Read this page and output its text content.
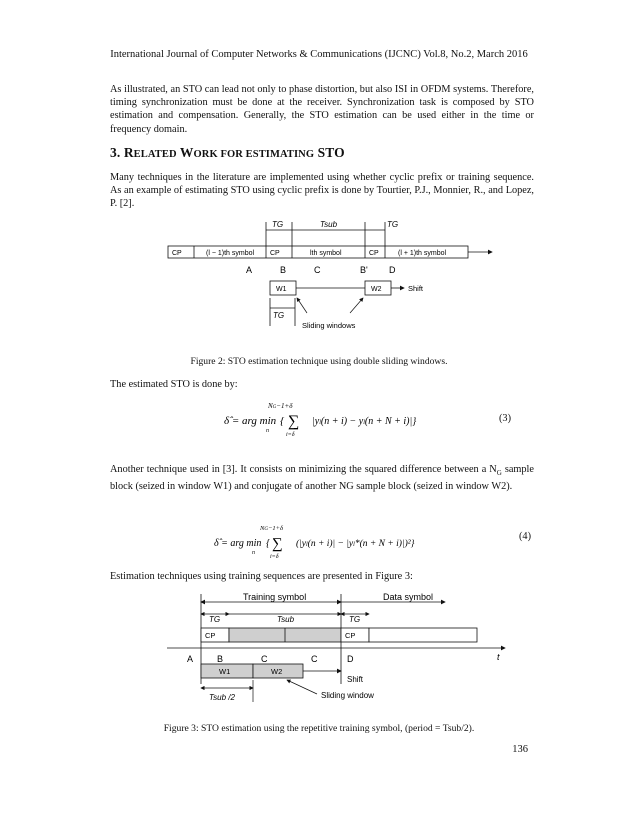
International Journal of Computer Networks & Communications (IJCNC) Vol.8, No.2, March 2016
As illustrated, an STO can lead not only to phase distortion, but also ISI in OFDM systems. Therefore, timing synchronization must be done at the receiver. Synchronization task is composed by STO estimation and compensation. Generally, the STO estimation can be used either in the time or frequency domain.
3. RELATED WORK FOR ESTIMATING STO
Many techniques in the literature are implemented using whether cyclic prefix or training sequence. As an example of estimating STO using cyclic prefix is done by Tourtier, P.J., Monnier, R., and Lopez, P. [2].
TG	Tsub	TG
CP	(l − 1)th symbol CP	lth symbol	CP	(l + 1)th symbol
A	B	C	B' D
W1	W2	Shift
TG
Sliding windows
Figure 2: STO estimation technique using double sliding windows.
The estimated STO is done by:
δ̂ = arg min
n
{
NG−1+δ
∑
i=δ
|yl(n + i) − yl(n + N + i)|}	(3)
Another technique used in [3]. It consists on minimizing the squared difference between a $N_G$ sample block (seized in window W1) and conjugate of another NG sample block (seized in window W2).
δ̂ = arg min
n
{
NG−1+δ
∑
i=δ
(|yl(n + i)| − |yl*(n + N + i)|)²}
(4)
Estimation techniques using training sequences are presented in Figure 3:
Training symbol	Data symbol
TG	Tsub	TG
CP	CP
t
A	B	C	C	D
W1	W2
Shift
Tsub /2	Sliding window
Figure 3: STO estimation using the repetitive training symbol, (period = Tsub/2).
136
